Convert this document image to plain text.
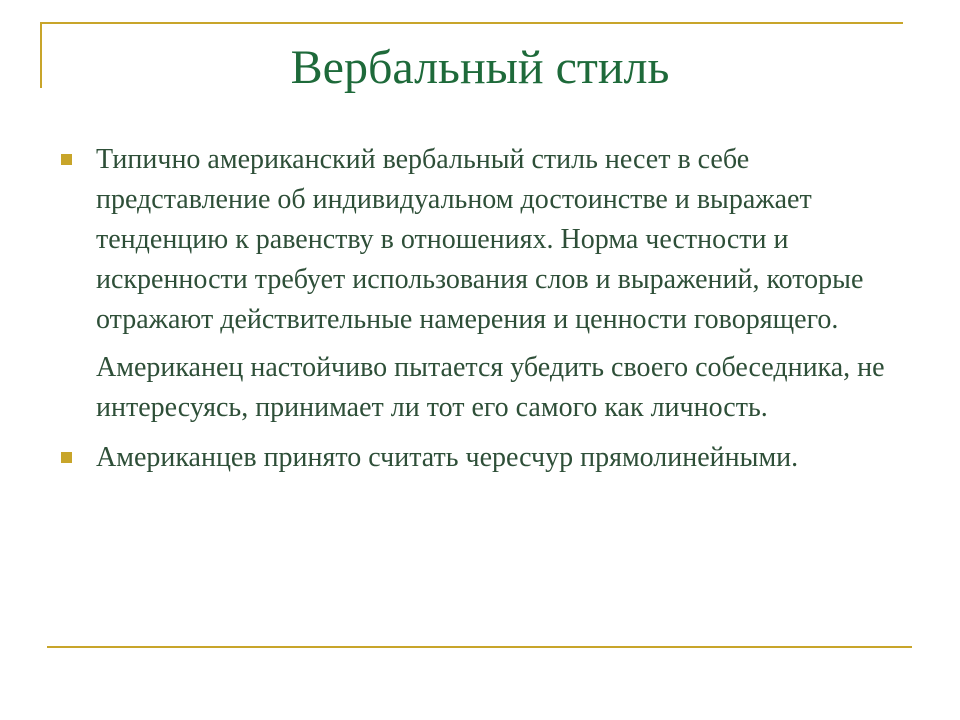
Вербальный стиль

Типично американский вербальный стиль несет в себе представление об индивидуальном достоинстве и выражает тенденцию к равенству в отношениях. Норма честности и искренности требует использования слов и выражений, которые отражают действительные намерения и ценности говорящего.

Американец настойчиво пытается убедить своего собеседника, не интересуясь, принимает ли тот его самого как личность.

Американцев принято считать чересчур прямолинейными.
